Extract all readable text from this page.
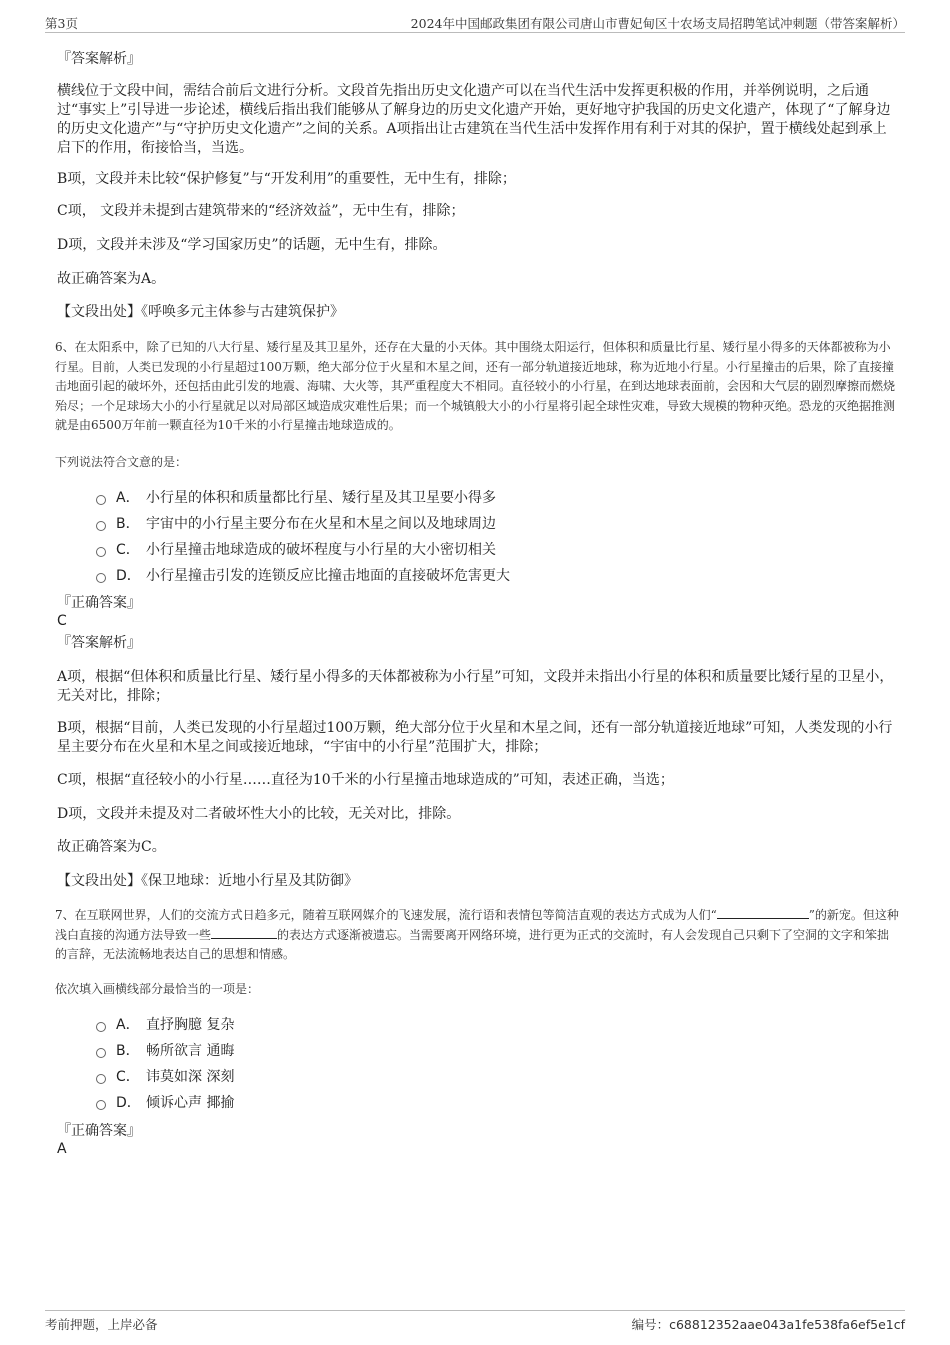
第3页	2024年中国邮政集团有限公司唐山市曹妃甸区十农场支局招聘笔试冲刺题（带答案解析）
『答案解析』
横线位于文段中间，需结合前后文进行分析。文段首先指出历史文化遗产可以在当代生活中发挥更积极的作用，并举例说明，之后通过“事实上”引导进一步论述，横线后指出我们能够从了解身边的历史文化遗产开始，更好地守护我国的历史文化遗产，体现了“了解身边的历史文化遗产”与“守护历史文化遗产”之间的关系。A项指出让古建筑在当代生活中发挥作用有利于对其的保护，置于横线处起到承上启下的作用，衔接恰当，当选。
B项，文段并未比较“保护修复”与“开发利用”的重要性，无中生有，排除；
C项， 文段并未提到古建筑带来的“经济效益”，无中生有，排除；
D项，文段并未涉及“学习国家历史”的话题，无中生有，排除。
故正确答案为A。
【文段出处】《呼唤多元主体参与古建筑保护》
6、在太阳系中，除了已知的八大行星、矮行星及其卫星外，还存在大量的小天体。其中围绕太阳运行，但体积和质量比行星、矮行星小得多的天体都被称为小行星。目前，人类已发现的小行星超过100万颗，绝大部分位于火星和木星之间，还有一部分轨道接近地球，称为近地小行星。小行星撞击的后果，除了直接撞击地面引起的破坏外，还包括由此引发的地震、海啸、大火等，其严重程度大不相同。直径较小的小行星，在到达地球表面前，会因和大气层的剧烈摩擦而燃烧殆尽；一个足球场大小的小行星就足以对局部区域造成灾难性后果；而一个城镇般大小的小行星将引起全球性灾难，导致大规模的物种灭绝。恐龙的灭绝据推测就是由6500万年前一颗直径为10千米的小行星撞击地球造成的。
下列说法符合文意的是：
A． 小行星的体积和质量都比行星、矮行星及其卫星要小得多
B． 宇宙中的小行星主要分布在火星和木星之间以及地球周边
C． 小行星撞击地球造成的破坏程度与小行星的大小密切相关
D． 小行星撞击引发的连锁反应比撞击地面的直接破坏危害更大
『正确答案』
C
『答案解析』
A项，根据“但体积和质量比行星、矮行星小得多的天体都被称为小行星”可知，文段并未指出小行星的体积和质量要比矮行星的卫星小，无关对比，排除；
B项，根据“目前，人类已发现的小行星超过100万颗，绝大部分位于火星和木星之间，还有一部分轨道接近地球”可知，人类发现的小行星主要分布在火星和木星之间或接近地球，“宇宙中的小行星”范围扩大，排除；
C项，根据“直径较小的小行星……直径为10千米的小行星撞击地球造成的”可知，表述正确，当选；
D项，文段并未提及对二者破坏性大小的比较，无关对比，排除。
故正确答案为C。
【文段出处】《保卫地球：近地小行星及其防御》
7、在互联网世界，人们的交流方式日趋多元，随着互联网媒介的飞速发展，流行语和表情包等简洁直观的表达方式成为人们“	”的新宠。但这种浅白直接的沟通方法导致一些	的表达方式逐渐被遗忘。当需要离开网络环境，进行更为正式的交流时，有人会发现自己只剩下了空洞的文字和笨拙的言辞，无法流畅地表达自己的思想和情感。
依次填入画横线部分最恰当的一项是：
A． 直抒胸臆 复杂
B． 畅所欲言 通晦
C． 讳莫如深 深刻
D． 倾诉心声 揶揄
『正确答案』
A
考前押题，上岸必备	编号：c68812352aae043a1fe538fa6ef5e1cf
